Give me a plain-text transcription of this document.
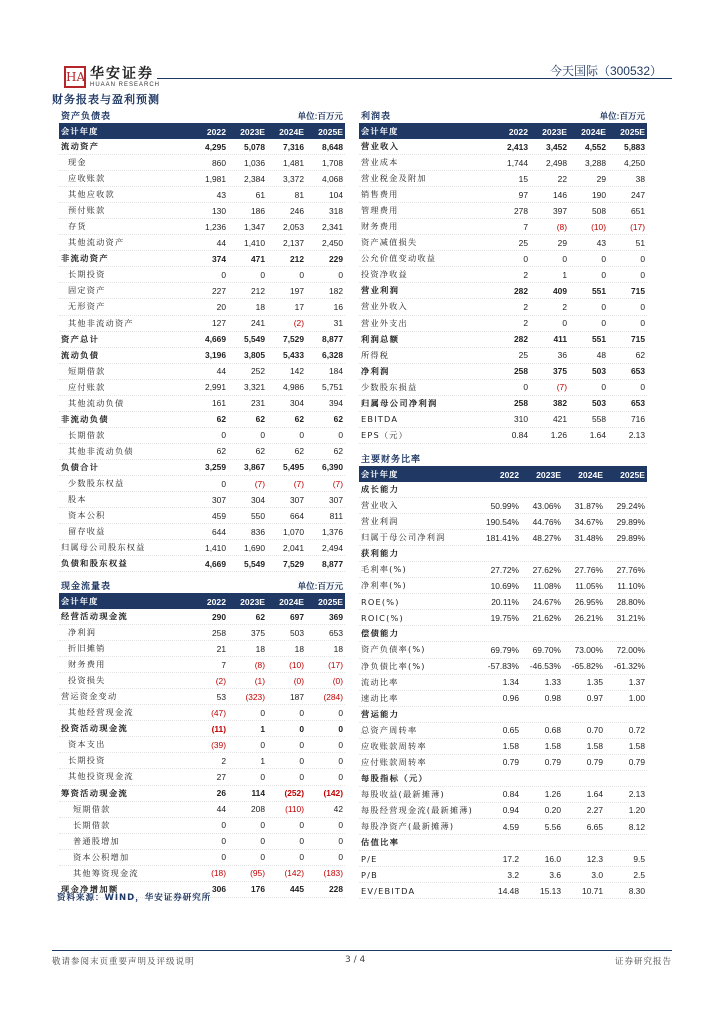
HA 华安证券
HUAAN RESEARCH
今天国际（300532）
财务报表与盈利预测
资产负债表	单位:百万元
会计年度	2022	2023E	2024E	2025E
流动资产	4,295	5,078	7,316	8,648
现金	860	1,036	1,481	1,708
应收账款	1,981	2,384	3,372	4,068
其他应收款	43	61	81	104
预付账款	130	186	246	318
存货	1,236	1,347	2,053	2,341
其他流动资产	44	1,410	2,137	2,450
非流动资产	374	471	212	229
长期投资	0	0	0	0
固定资产	227	212	197	182
无形资产	20	18	17	16
其他非流动资产	127	241	(2)	31
资产总计	4,669	5,549	7,529	8,877
流动负债	3,196	3,805	5,433	6,328
短期借款	44	252	142	184
应付账款	2,991	3,321	4,986	5,751
其他流动负债	161	231	304	394
非流动负债	62	62	62	62
长期借款	0	0	0	0
其他非流动负债	62	62	62	62
负债合计	3,259	3,867	5,495	6,390
少数股东权益	0	(7)	(7)	(7)
股本	307	304	307	307
资本公积	459	550	664	811
留存收益	644	836	1,070	1,376
归属母公司股东权益	1,410	1,690	2,041	2,494
负债和股东权益	4,669	5,549	7,529	8,877
现金流量表	单位:百万元
会计年度	2022	2023E	2024E	2025E
经营活动现金流	290	62	697	369
净利润	258	375	503	653
折旧摊销	21	18	18	18
财务费用	7	(8)	(10)	(17)
投资损失	(2)	(1)	(0)	(0)
营运资金变动	53	(323)	187	(284)
其他经营现金流	(47)	0	0	0
投资活动现金流	(11)	1	0	0
资本支出	(39)	0	0	0
长期投资	2	1	0	0
其他投资现金流	27	0	0	0
筹资活动现金流	26	114	(252)	(142)
短期借款	44	208	(110)	42
长期借款	0	0	0	0
普通股增加	0	0	0	0
资本公积增加	0	0	0	0
其他筹资现金流	(18)	(95)	(142)	(183)
现金净增加额	306	176	445	228
利润表	单位:百万元
会计年度	2022	2023E	2024E	2025E
营业收入	2,413	3,452	4,552	5,883
营业成本	1,744	2,498	3,288	4,250
营业税金及附加	15	22	29	38
销售费用	97	146	190	247
管理费用	278	397	508	651
财务费用	7	(8)	(10)	(17)
资产减值损失	25	29	43	51
公允价值变动收益	0	0	0	0
投资净收益	2	1	0	0
营业利润	282	409	551	715
营业外收入	2	2	0	0
营业外支出	2	0	0	0
利润总额	282	411	551	715
所得税	25	36	48	62
净利润	258	375	503	653
少数股东损益	0	(7)	0	0
归属母公司净利润	258	382	503	653
EBITDA	310	421	558	716
EPS（元）	0.84	1.26	1.64	2.13
主要财务比率
会计年度	2022	2023E	2024E	2025E
成长能力
营业收入	50.99%	43.06%	31.87%	29.24%
营业利润	190.54%	44.76%	34.67%	29.89%
归属于母公司净利润	181.41%	48.27%	31.48%	29.89%
获利能力
毛利率(%)	27.72%	27.62%	27.76%	27.76%
净利率(%)	10.69%	11.08%	11.05%	11.10%
ROE(%)	20.11%	24.67%	26.95%	28.80%
ROIC(%)	19.75%	21.62%	26.21%	31.21%
偿债能力
资产负债率(%)	69.79%	69.70%	73.00%	72.00%
净负债比率(%)	-57.83%	-46.53%	-65.82%	-61.32%
流动比率	1.34	1.33	1.35	1.37
速动比率	0.96	0.98	0.97	1.00
营运能力
总资产周转率	0.65	0.68	0.70	0.72
应收账款周转率	1.58	1.58	1.58	1.58
应付账款周转率	0.79	0.79	0.79	0.79
每股指标（元）
每股收益(最新摊薄)	0.84	1.26	1.64	2.13
每股经营现金流(最新摊薄)	0.94	0.20	2.27	1.20
每股净资产(最新摊薄)	4.59	5.56	6.65	8.12
估值比率
P/E	17.2	16.0	12.3	9.5
P/B	3.2	3.6	3.0	2.5
EV/EBITDA	14.48	15.13	10.71	8.30
资料来源：WIND，华安证券研究所
敬请参阅末页重要声明及评级说明	3 / 4	证券研究报告
